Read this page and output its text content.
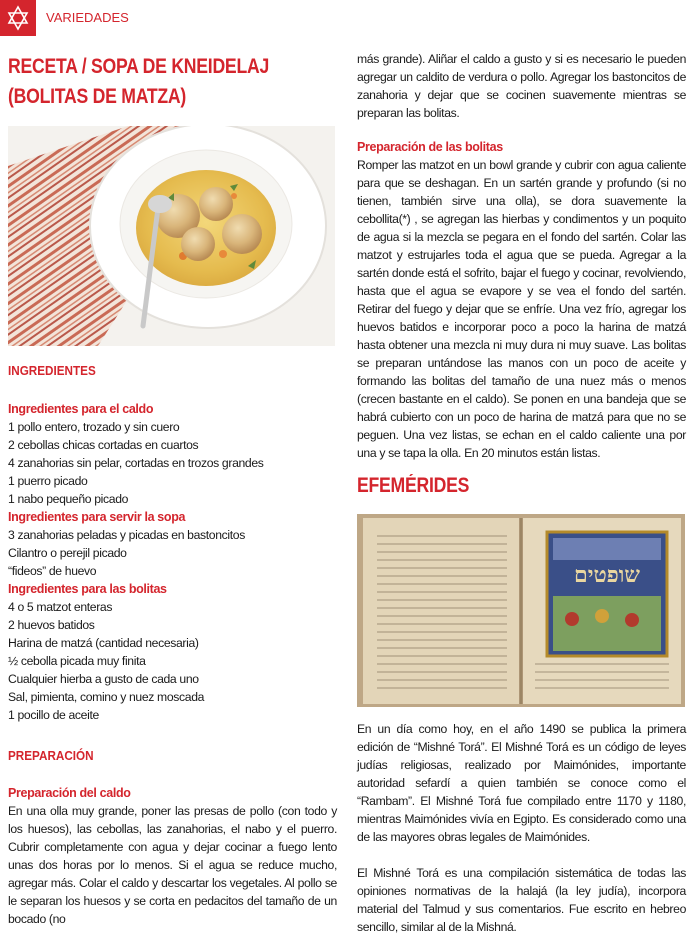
VARIEDADES
RECETA / SOPA DE KNEIDELAJ
(BOLITAS DE MATZA)
INGREDIENTES
Ingredientes para el caldo

1 pollo entero, trozado y sin cuero

2 cebollas chicas cortadas en cuartos

4 zanahorias sin pelar, cortadas en trozos grandes

1 puerro picado

1 nabo pequeño picado

Ingredientes para servir la sopa

3 zanahorias peladas y picadas en bastoncitos

Cilantro o perejil picado

“fideos” de huevo

Ingredientes para las bolitas

4 o 5 matzot enteras

2 huevos batidos

Harina de matzá (cantidad necesaria)

½ cebolla picada muy finita

Cualquier hierba a gusto de cada uno

Sal, pimienta, comino y nuez moscada

1 pocillo de aceite

PREPARACIÓN
Preparación del caldo

En una olla muy grande, poner las presas de pollo (con todo y los huesos), las cebollas, las zanahorias, el nabo y el puerro. Cubrir completamente con agua y dejar cocinar a fuego lento unas dos horas por lo menos. Si el agua se reduce mucho, agregar más. Colar el caldo y descartar los vegetales. Al pollo se le separan los huesos y se corta en pedacitos del tamaño de un bocado (no

más grande). Aliñar el caldo a gusto y si es necesario le pueden agregar un caldito de verdura o pollo. Agregar los bastoncitos de zanahoria y dejar que se cocinen suavemente mientras se preparan las bolitas.

Preparación de las bolitas

Romper las matzot en un bowl grande y cubrir con agua caliente para que se deshagan. En un sartén grande y profundo (si no tienen, también sirve una olla), se dora suavemente la cebollita(*) , se agregan las hierbas y condimentos y un poquito de agua si la mezcla se pegara en el fondo del sartén. Colar las matzot y estrujarles toda el agua que se pueda. Agregar a la sartén donde está el sofrito, bajar el fuego y cocinar, revolviendo, hasta que el agua se evapore y se vea el fondo del sartén. Retirar del fuego y dejar que se enfríe. Una vez frío, agregar los huevos batidos e incorporar poco a poco la harina de matzá hasta obtener una mezcla ni muy dura ni muy suave. Las bolitas se preparan untándose las manos con un poco de aceite y formando las bolitas del tamaño de una nuez más o menos (crecen bastante en el caldo). Se ponen en una bandeja que se habrá cubierto con un poco de harina de matzá para que no se peguen. Una vez listas, se echan en el caldo caliente una por una y se tapa la olla. En 20 minutos están listas.

EFEMÉRIDES
שופטים

En un día como hoy, en el año 1490 se publica la primera edición de “Mishné Torá”. El Mishné Torá es un código de leyes judías religiosas, realizado por Maimónides, importante autoridad sefardí a quien también se conoce como el “Rambam”. El Mishné Torá fue compilado entre 1170 y 1180, mientras Maimónides vivía en Egipto. Es considerado como una de las mayores obras legales de Maimónides.

El Mishné Torá es una compilación sistemática de todas las opiniones normativas de la halajá (la ley judía), incorpora material del Talmud y sus comentarios. Fue escrito en hebreo sencillo, similar al de la Mishná.
